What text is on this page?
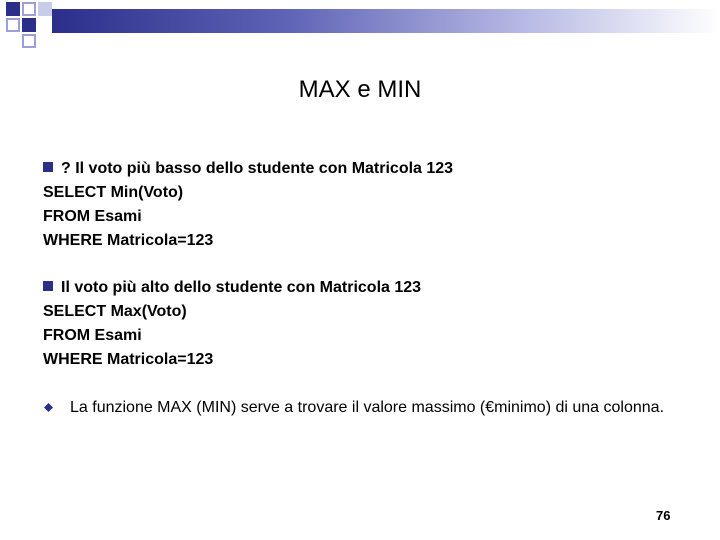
MAX e MIN
? Il voto più basso dello studente con Matricola 123
SELECT Min(Voto)
FROM Esami
WHERE Matricola=123
Il voto più alto dello studente con Matricola 123
SELECT Max(Voto)
FROM Esami
WHERE Matricola=123
La funzione MAX (MIN) serve a trovare il valore massimo (€minimo) di una colonna.
76
